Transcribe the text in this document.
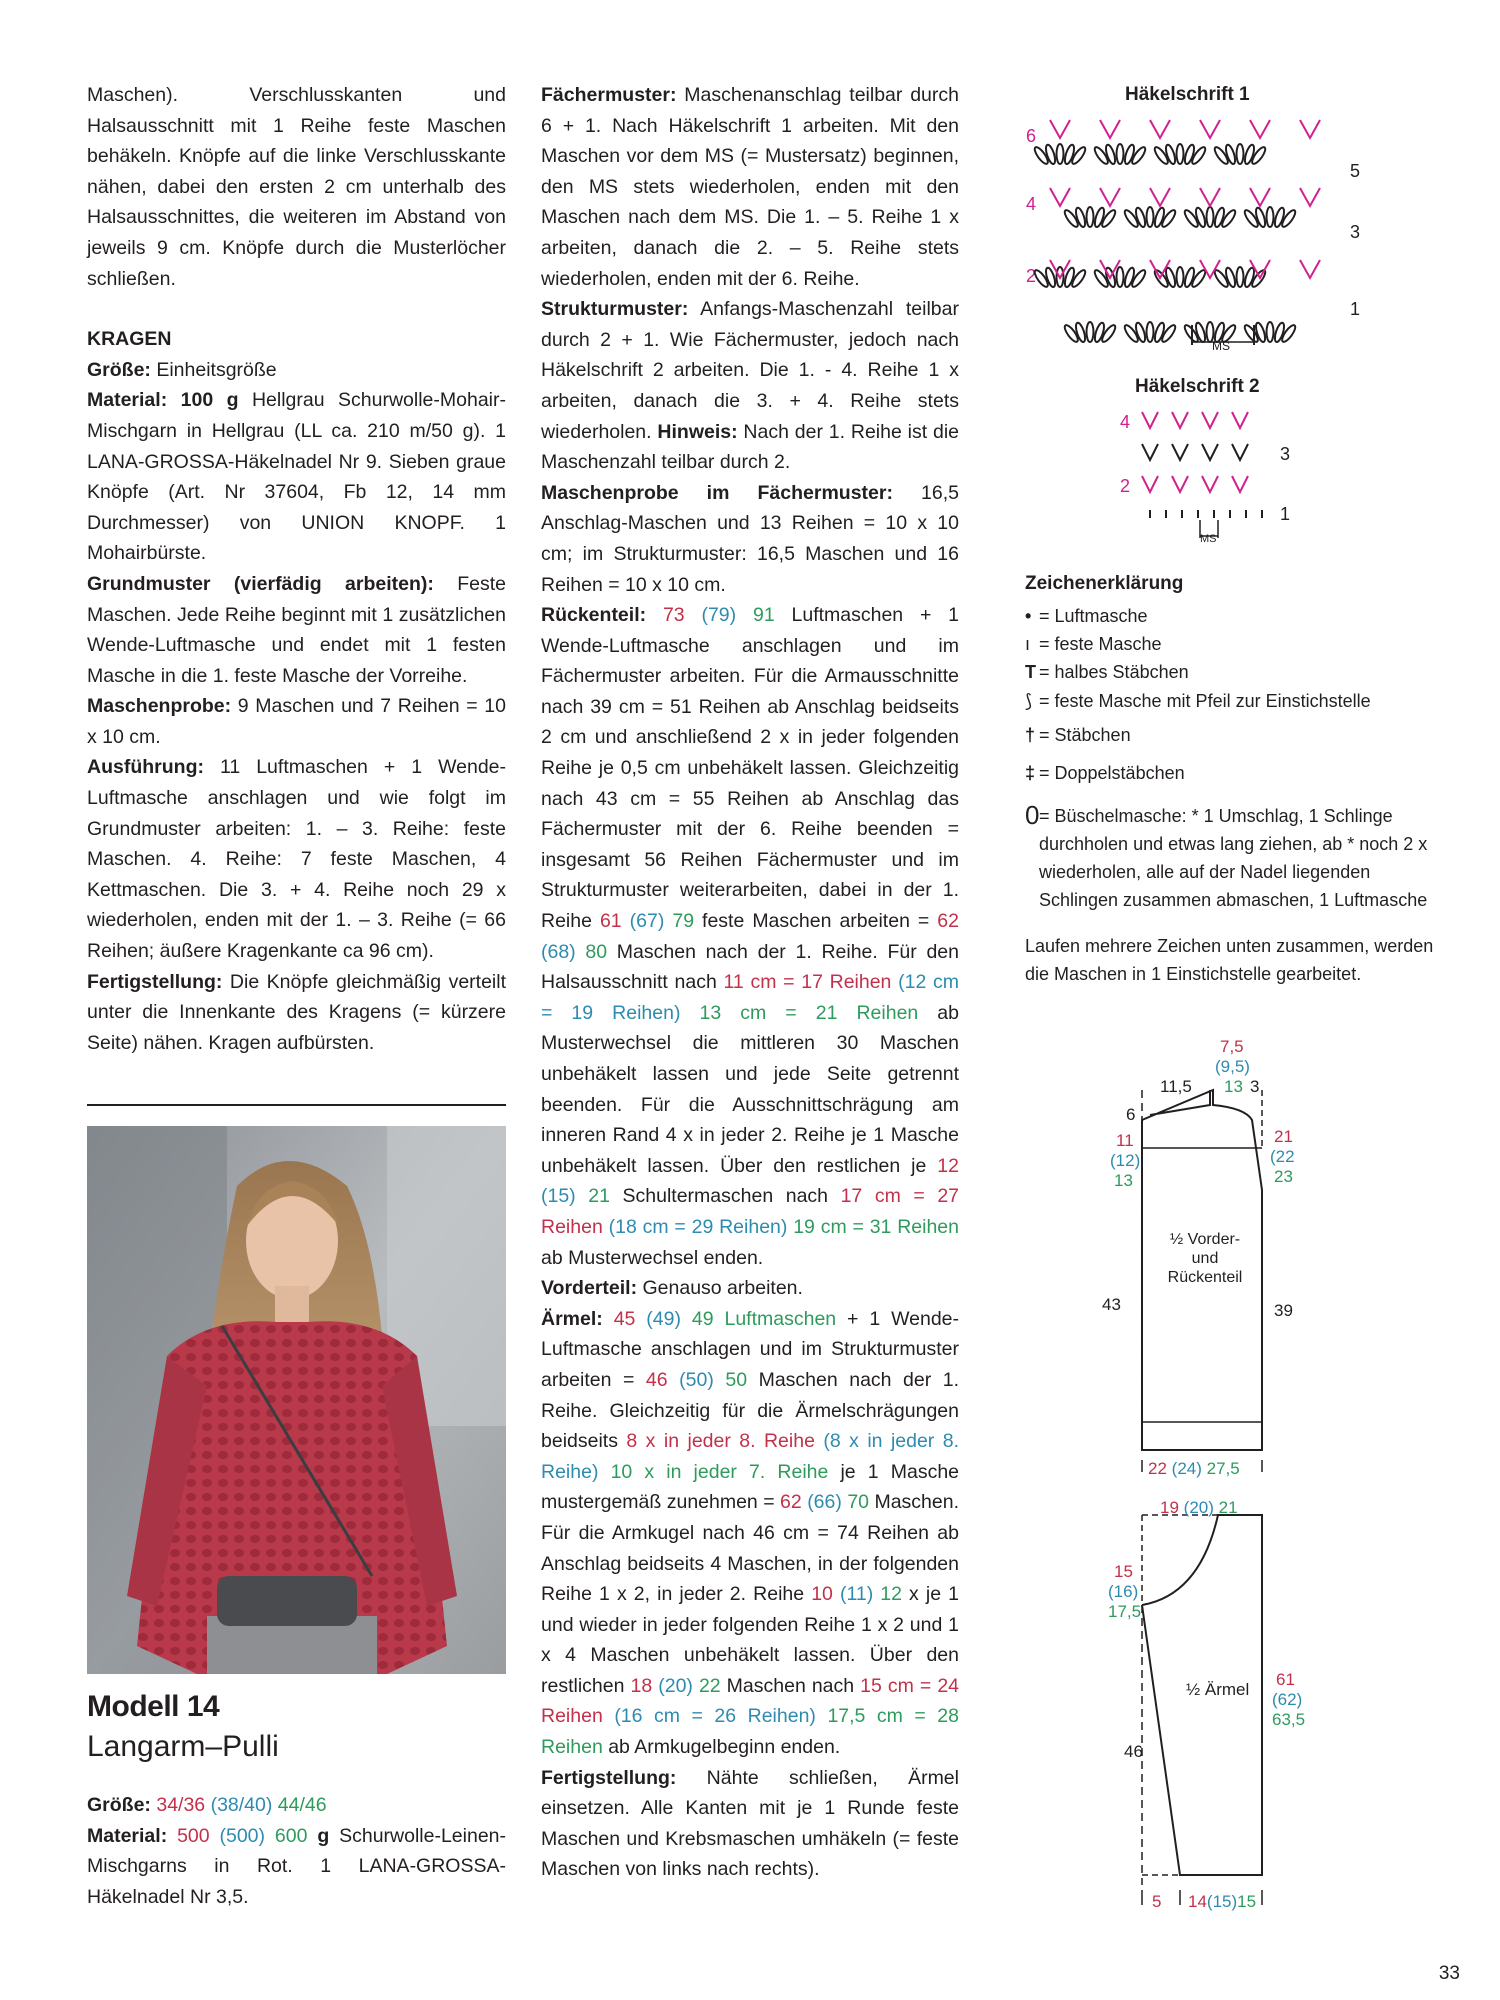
Maschen). Verschlusskanten und Halsausschnitt mit 1 Reihe feste Maschen behäkeln. Knöpfe auf die linke Verschlusskante nähen, dabei den ersten 2 cm unterhalb des Halsausschnittes, die weiteren im Abstand von jeweils 9 cm. Knöpfe durch die Musterlöcher schließen.

KRAGEN

Größe: Einheitsgröße

Material: 100 g Hellgrau Schurwolle-Mohair-Mischgarn in Hellgrau (LL ca. 210 m/50 g). 1 LANA-GROSSA-Häkelnadel Nr 9. Sieben graue Knöpfe (Art. Nr 37604, Fb 12, 14 mm Durchmesser) von UNION KNOPF. 1 Mohairbürste.

Grundmuster (vierfädig arbeiten): Feste Maschen. Jede Reihe beginnt mit 1 zusätzlichen Wende-Luftmasche und endet mit 1 festen Masche in die 1. feste Masche der Vorreihe.

Maschenprobe: 9 Maschen und 7 Reihen = 10 x 10 cm.

Ausführung: 11 Luftmaschen + 1 Wende-Luftmasche anschlagen und wie folgt im Grundmuster arbeiten: 1. – 3. Reihe: feste Maschen. 4. Reihe: 7 feste Maschen, 4 Kettmaschen. Die 3. + 4. Reihe noch 29 x wiederholen, enden mit der 1. – 3. Reihe (= 66 Reihen; äußere Kragenkante ca 96 cm).

Fertigstellung: Die Knöpfe gleichmäßig verteilt unter die Innenkante des Kragens (= kürzere Seite) nähen. Kragen aufbürsten.

Modell 14
Langarm–Pulli

Größe: 34/36 (38/40) 44/46

Material: 500 (500) 600 g Schurwolle-Leinen-Mischgarns in Rot. 1 LANA-GROSSA-Häkelnadel Nr 3,5.

Fächermuster: Maschenanschlag teilbar durch 6 + 1. Nach Häkelschrift 1 arbeiten. Mit den Maschen vor dem MS (= Mustersatz) beginnen, den MS stets wiederholen, enden mit den Maschen nach dem MS. Die 1. – 5. Reihe 1 x arbeiten, danach die 2. – 5. Reihe stets wiederholen, enden mit der 6. Reihe.

Strukturmuster: Anfangs-Maschenzahl teilbar durch 2 + 1. Wie Fächermuster, jedoch nach Häkelschrift 2 arbeiten. Die 1. - 4. Reihe 1 x arbeiten, danach die 3. + 4. Reihe stets wiederholen. Hinweis: Nach der 1. Reihe ist die Maschenzahl teilbar durch 2.

Maschenprobe im Fächermuster: 16,5 Anschlag-Maschen und 13 Reihen = 10 x 10 cm; im Strukturmuster: 16,5 Maschen und 16 Reihen = 10 x 10 cm.

Rückenteil: 73 (79) 91 Luftmaschen + 1 Wende-Luftmasche anschlagen und im Fächermuster arbeiten. Für die Armausschnitte nach 39 cm = 51 Reihen ab Anschlag beidseits 2 cm und anschließend 2 x in jeder folgenden Reihe je 0,5 cm unbehäkelt lassen. Gleichzeitig nach 43 cm = 55 Reihen ab Anschlag das Fächermuster mit der 6. Reihe beenden = insgesamt 56 Reihen Fächermuster und im Strukturmuster weiterarbeiten, dabei in der 1. Reihe 61 (67) 79 feste Maschen arbeiten = 62 (68) 80 Maschen nach der 1. Reihe. Für den Halsausschnitt nach 11 cm = 17 Reihen (12 cm = 19 Reihen) 13 cm = 21 Reihen ab Musterwechsel die mittleren 30 Maschen unbehäkelt lassen und jede Seite getrennt beenden. Für die Ausschnittschrägung am inneren Rand 4 x in jeder 2. Reihe je 1 Masche unbehäkelt lassen. Über den restlichen je 12 (15) 21 Schultermaschen nach 17 cm = 27 Reihen (18 cm = 29 Reihen) 19 cm = 31 Reihen ab Musterwechsel enden.

Vorderteil: Genauso arbeiten.

Ärmel: 45 (49) 49 Luftmaschen + 1 Wende-Luftmasche anschlagen und im Strukturmuster arbeiten = 46 (50) 50 Maschen nach der 1. Reihe. Gleichzeitig für die Ärmelschrägungen beidseits 8 x in jeder 8. Reihe (8 x in jeder 8. Reihe) 10 x in jeder 7. Reihe je 1 Masche mustergemäß zunehmen = 62 (66) 70 Maschen. Für die Armkugel nach 46 cm = 74 Reihen ab Anschlag beidseits 4 Maschen, in der folgenden Reihe 1 x 2, in jeder 2. Reihe 10 (11) 12 x je 1 und wieder in jeder folgenden Reihe 1 x 2 und 1 x 4 Maschen unbehäkelt lassen. Über den restlichen 18 (20) 22 Maschen nach 15 cm = 24 Reihen (16 cm = 26 Reihen) 17,5 cm = 28 Reihen ab Armkugelbeginn enden.

Fertigstellung: Nähte schließen, Ärmel einsetzen. Alle Kanten mit je 1 Runde feste Maschen und Krebsmaschen umhäkeln (= feste Maschen von links nach rechts).

Häkelschrift 1
6
4
2
5
3
1
MS
Häkelschrift 2
4
2
3
1
MS
Zeichenerklärung
• = Luftmasche
ı = feste Masche
T = halbes Stäbchen
⟆ = feste Masche mit Pfeil zur Einstichstelle
† = Stäbchen
‡ = Doppelstäbchen
0 = Büschelmasche: * 1 Umschlag, 1 Schlinge durchholen und etwas lang ziehen, ab * noch 2 x wiederholen, alle auf der Nadel liegenden Schlingen zusammen abmaschen, 1 Luftmasche
Laufen mehrere Zeichen unten zusammen, werden die Maschen in 1 Einstichstelle gearbeitet.
7,5
(9,5)
13
11,5	3
6
11
(12)
13
21
(22
23
½ Vorder- und Rückenteil
43	39
22 (24) 27,5
19 (20) 21
15
(16)
17,5
½ Ärmel
61
(62)
63,5
46
5 14(15)15
33
